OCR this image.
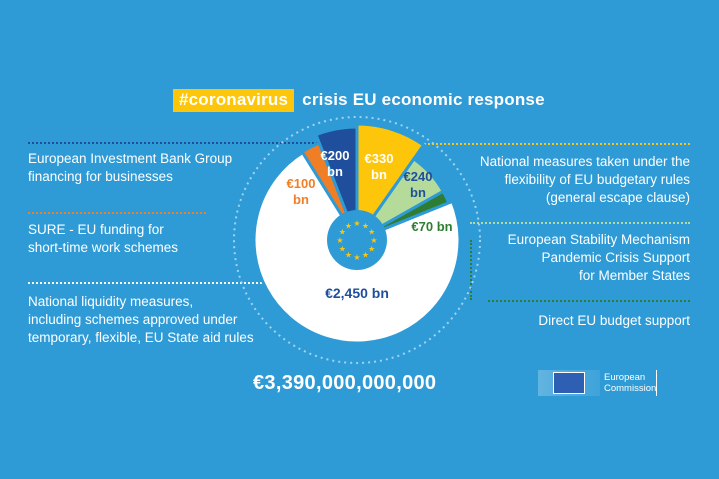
#coronavirus crisis EU economic response
European Investment Bank Group
financing for businesses
SURE - EU funding for
short-time work schemes
National liquidity measures,
including schemes approved under
temporary, flexible, EU State aid rules
National measures taken under the
flexibility of EU budgetary rules
(general escape clause)
European Stability Mechanism
Pandemic Crisis Support
for Member States
Direct EU budget support
★ ★
★
★
★
★
★
★
★
★
★
★
€2,450 bn
€100 bn
€200 bn
€330 bn	€240 bn
€70 bn
€3,390,000,000,000	European
Commission
